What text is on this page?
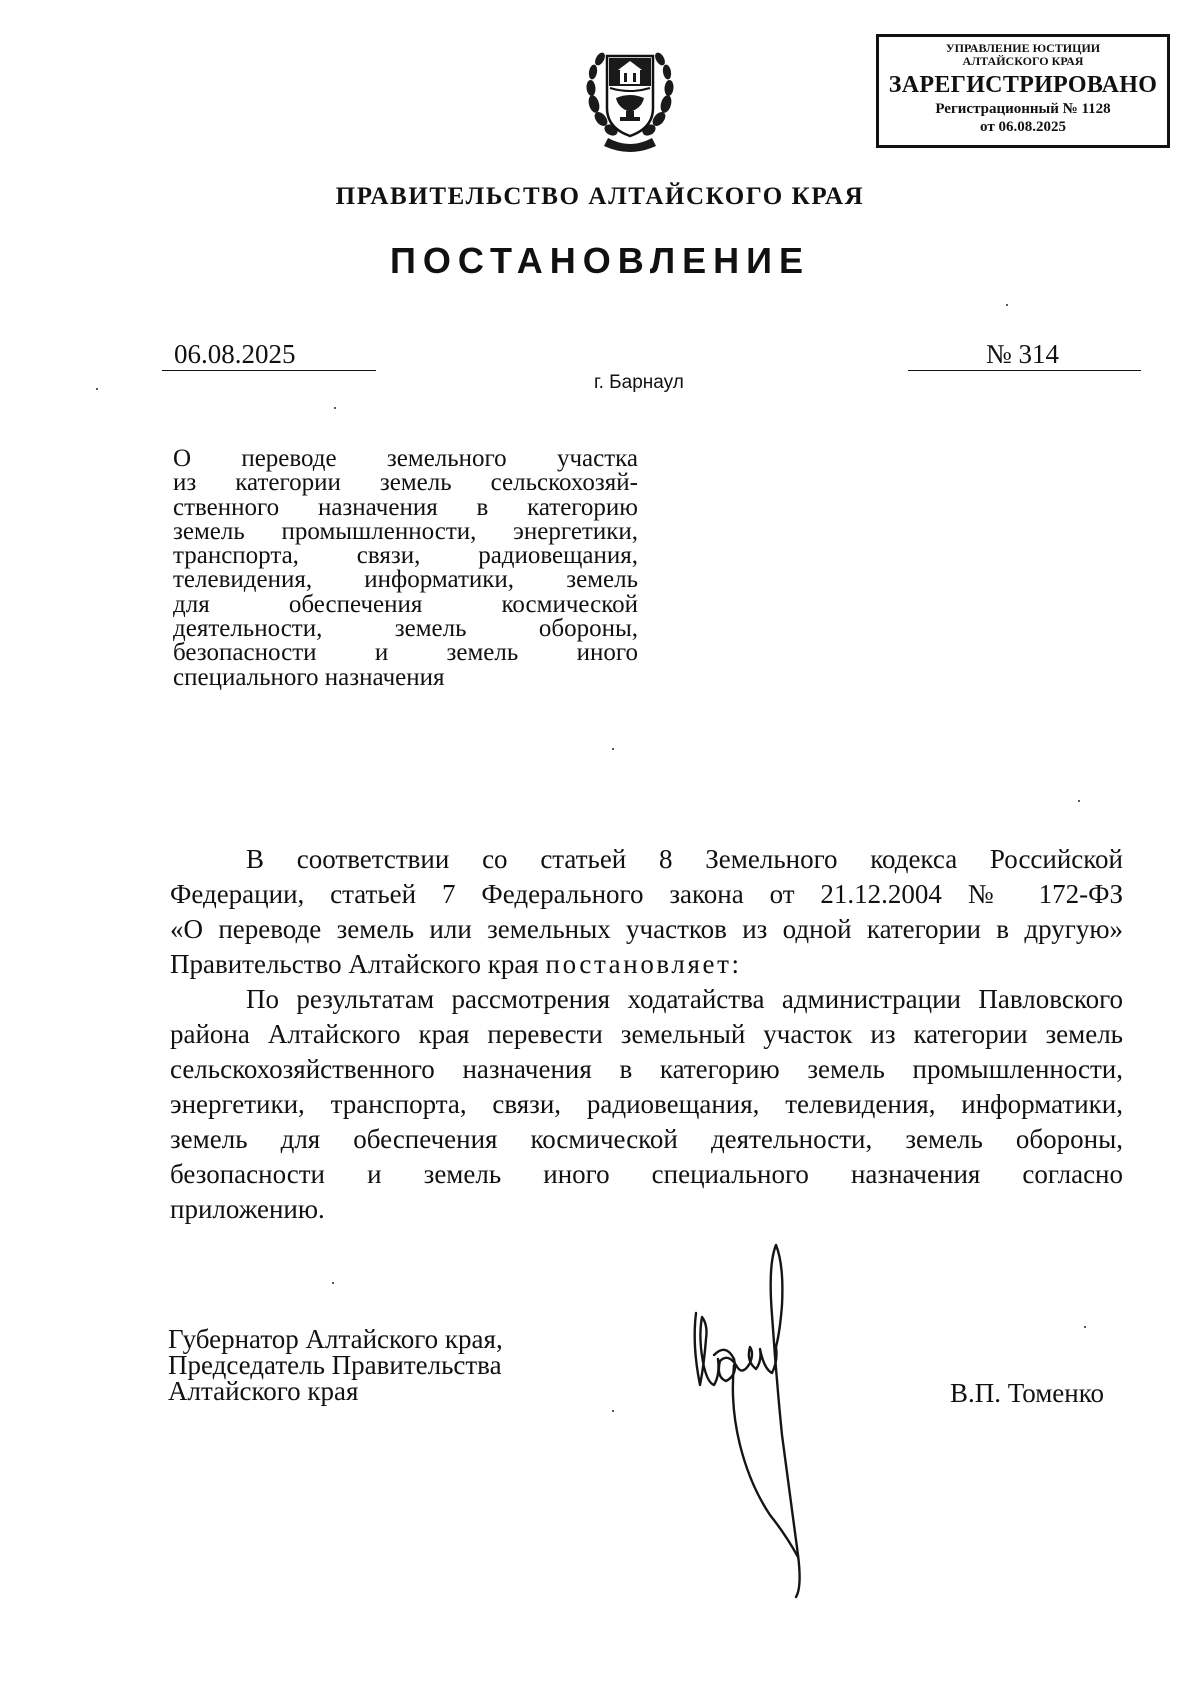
УПРАВЛЕНИЕ ЮСТИЦИИ
АЛТАЙСКОГО КРАЯ
ЗАРЕГИСТРИРОВАНО
Регистрационный № 1128
от 06.08.2025
ПРАВИТЕЛЬСТВО АЛТАЙСКОГО КРАЯ
ПОСТАНОВЛЕНИЕ
06.08.2025	№ 314
г. Барнаул
О переводе земельного участка
из категории земель сельскохозяй-
ственного назначения в категорию
земель промышленности, энергетики,
транспорта, связи, радиовещания,
телевидения, информатики, земель
для обеспечения космической
деятельности, земель обороны,
безопасности и земель иного
специального назначения
В соответствии со статьей 8 Земельного кодекса Российской
Федерации, статьей 7 Федерального закона от 21.12.2004 № 172-ФЗ
«О переводе земель или земельных участков из одной категории в другую»
Правительство Алтайского края постановляет:
По результатам рассмотрения ходатайства администрации Павловского
района Алтайского края перевести земельный участок из категории земель
сельскохозяйственного назначения в категорию земель промышленности,
энергетики, транспорта, связи, радиовещания, телевидения, информатики,
земель для обеспечения космической деятельности, земель обороны,
безопасности и земель иного специального назначения согласно
приложению.
Губернатор Алтайского края,
Председатель Правительства
Алтайского края	В.П. Томенко
